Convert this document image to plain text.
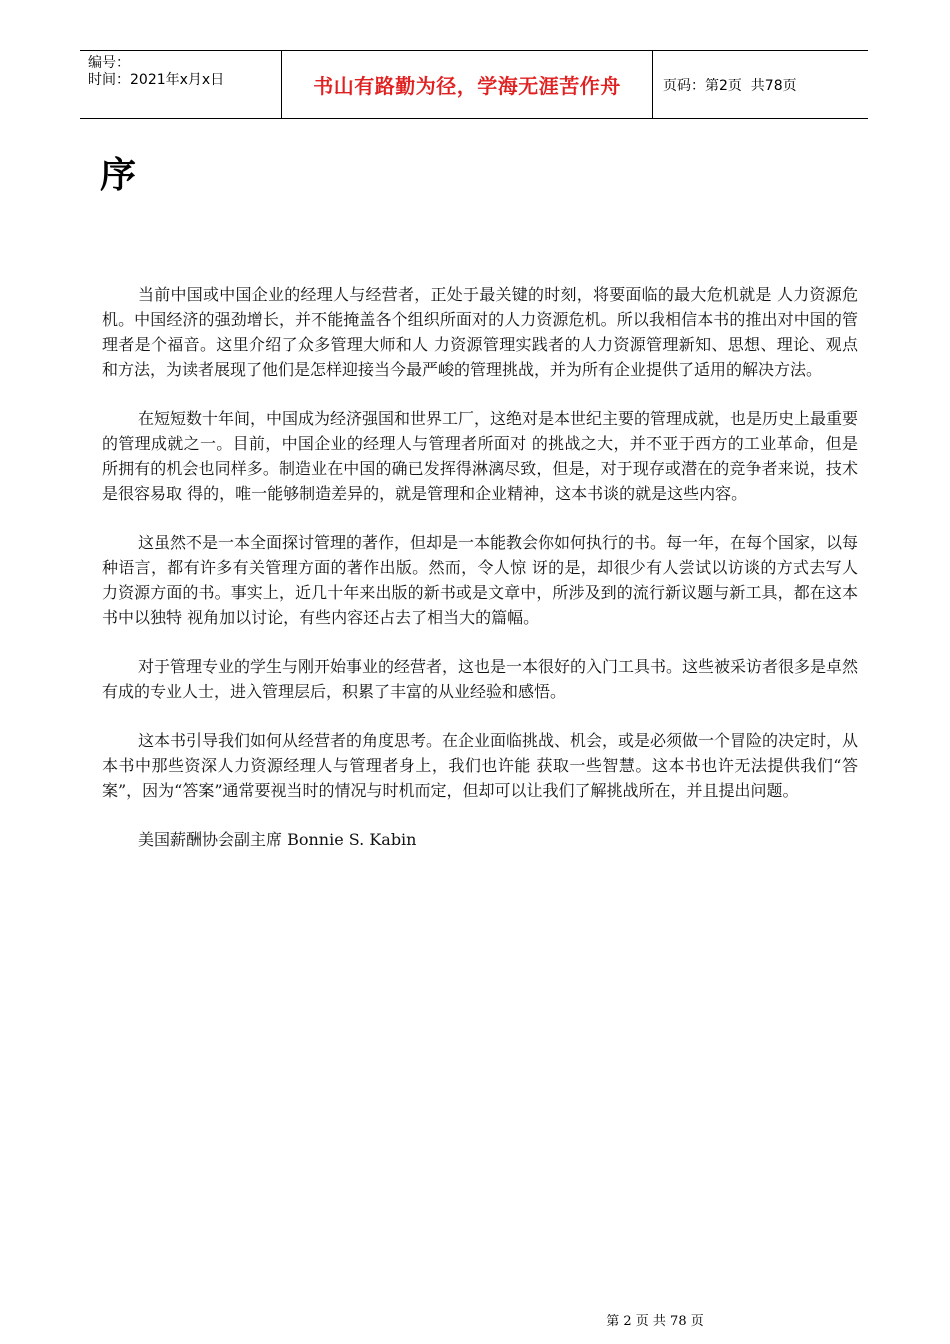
编号：
时间：2021年x月x日	书山有路勤为径，学海无涯苦作舟	页码：第2页  共78页
序

当前中国或中国企业的经理人与经营者，正处于最关键的时刻，将要面临的最大危机就是 人力资源危机。中国经济的强劲增长，并不能掩盖各个组织所面对的人力资源危机。所以我相信本书的推出对中国的管理者是个福音。这里介绍了众多管理大师和人 力资源管理实践者的人力资源管理新知、思想、理论、观点和方法，为读者展现了他们是怎样迎接当今最严峻的管理挑战，并为所有企业提供了适用的解决方法。

在短短数十年间，中国成为经济强国和世界工厂，这绝对是本世纪主要的管理成就，也是历史上最重要的管理成就之一。目前，中国企业的经理人与管理者所面对 的挑战之大，并不亚于西方的工业革命，但是所拥有的机会也同样多。制造业在中国的确已发挥得淋漓尽致，但是，对于现存或潜在的竞争者来说，技术是很容易取 得的，唯一能够制造差异的，就是管理和企业精神，这本书谈的就是这些内容。

这虽然不是一本全面探讨管理的著作，但却是一本能教会你如何执行的书。每一年，在每个国家，以每种语言，都有许多有关管理方面的著作出版。然而，令人惊 讶的是，却很少有人尝试以访谈的方式去写人力资源方面的书。事实上，近几十年来出版的新书或是文章中，所涉及到的流行新议题与新工具，都在这本书中以独特 视角加以讨论，有些内容还占去了相当大的篇幅。

对于管理专业的学生与刚开始事业的经营者，这也是一本很好的入门工具书。这些被采访者很多是卓然有成的专业人士，进入管理层后，积累了丰富的从业经验和感悟。

这本书引导我们如何从经营者的角度思考。在企业面临挑战、机会，或是必须做一个冒险的决定时，从本书中那些资深人力资源经理人与管理者身上，我们也许能 获取一些智慧。这本书也许无法提供我们“答案”，因为“答案”通常要视当时的情况与时机而定，但却可以让我们了解挑战所在，并且提出问题。

美国薪酬协会副主席 Bonnie S. Kabin

第 2 页 共 78 页
